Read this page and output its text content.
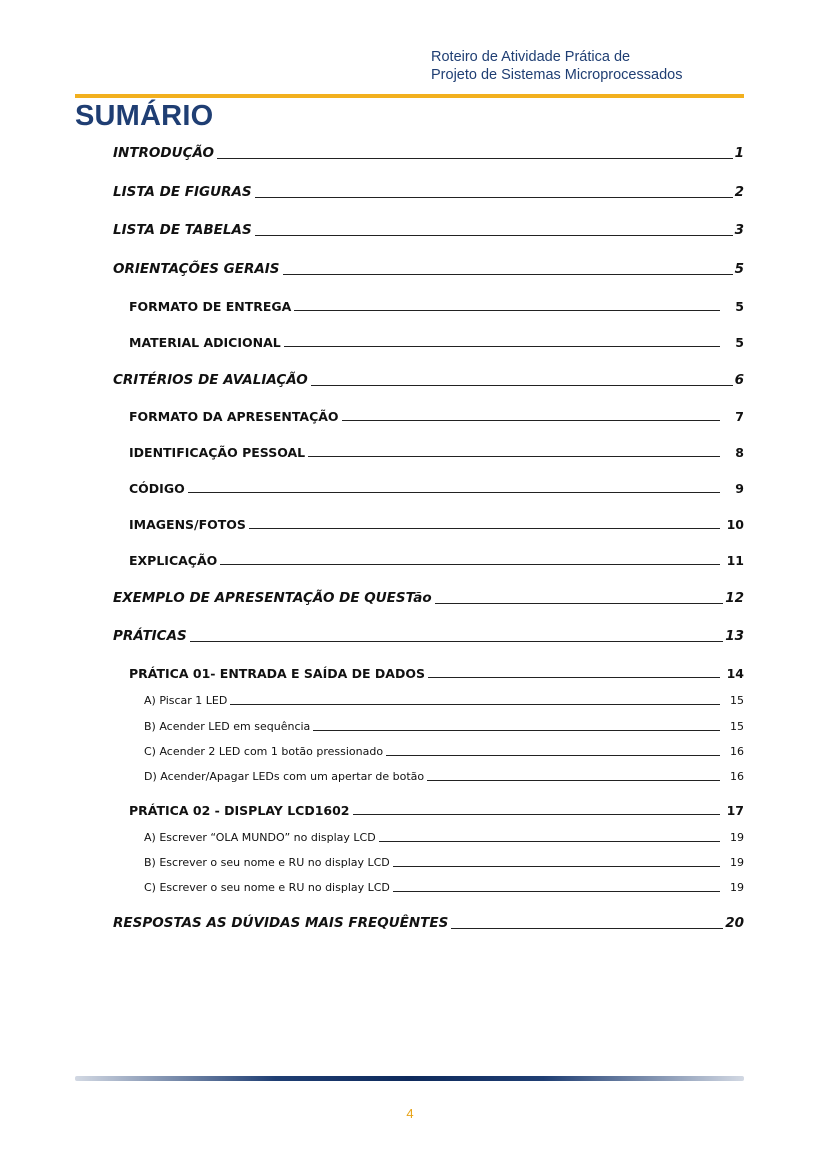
Roteiro de Atividade Prática de
Projeto de Sistemas Microprocessados
SUMÁRIO
INTRODUÇÃO	1
LISTA DE FIGURAS	2
LISTA DE TABELAS	3
ORIENTAÇÕES GERAIS	5
FORMATO DE ENTREGA	5
MATERIAL ADICIONAL	5
CRITÉRIOS DE AVALIAÇÃO	6
FORMATO DA APRESENTAÇÃO	7
IDENTIFICAÇÃO PESSOAL	8
CÓDIGO	9
IMAGENS/FOTOS	10
EXPLICAÇÃO	11
EXEMPLO DE APRESENTAÇÃO DE QUESTão	12
PRÁTICAS	13
PRÁTICA 01- ENTRADA E SAÍDA DE DADOS	14
A) Piscar 1 LED	15
B) Acender LED em sequência	15
C) Acender 2 LED com 1 botão pressionado	16
D) Acender/Apagar LEDs com um apertar de botão	16
PRÁTICA 02 - DISPLAY LCD1602	17
A) Escrever “OLA MUNDO” no display LCD	19
B) Escrever o seu nome e RU no display LCD	19
C) Escrever o seu nome e RU no display LCD	19
RESPOSTAS AS DÚVIDAS MAIS FREQUÊNTES	20
4
